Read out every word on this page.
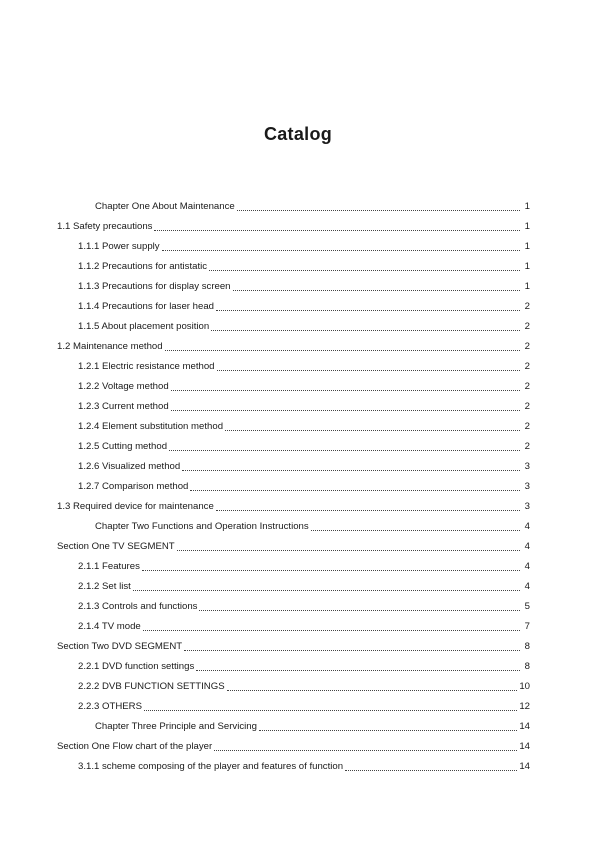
Catalog
Chapter One About Maintenance	1
1.1 Safety precautions	1
1.1.1 Power supply	1
1.1.2 Precautions for antistatic	1
1.1.3 Precautions for display screen	1
1.1.4 Precautions for laser head	2
1.1.5 About placement position	2
1.2 Maintenance method	2
1.2.1 Electric resistance method	2
1.2.2 Voltage method	2
1.2.3 Current method	2
1.2.4 Element substitution method	2
1.2.5 Cutting method	2
1.2.6 Visualized method	3
1.2.7 Comparison method	3
1.3 Required device for maintenance	3
Chapter Two Functions and Operation Instructions	4
Section One TV SEGMENT	4
2.1.1 Features	4
2.1.2 Set list	4
2.1.3 Controls and functions	5
2.1.4 TV mode	7
Section Two DVD SEGMENT	8
2.2.1 DVD function settings	8
2.2.2 DVB FUNCTION SETTINGS	10
2.2.3 OTHERS	12
Chapter Three Principle and Servicing	14
Section One Flow chart of the player	14
3.1.1 scheme composing of the player and features of function	14
